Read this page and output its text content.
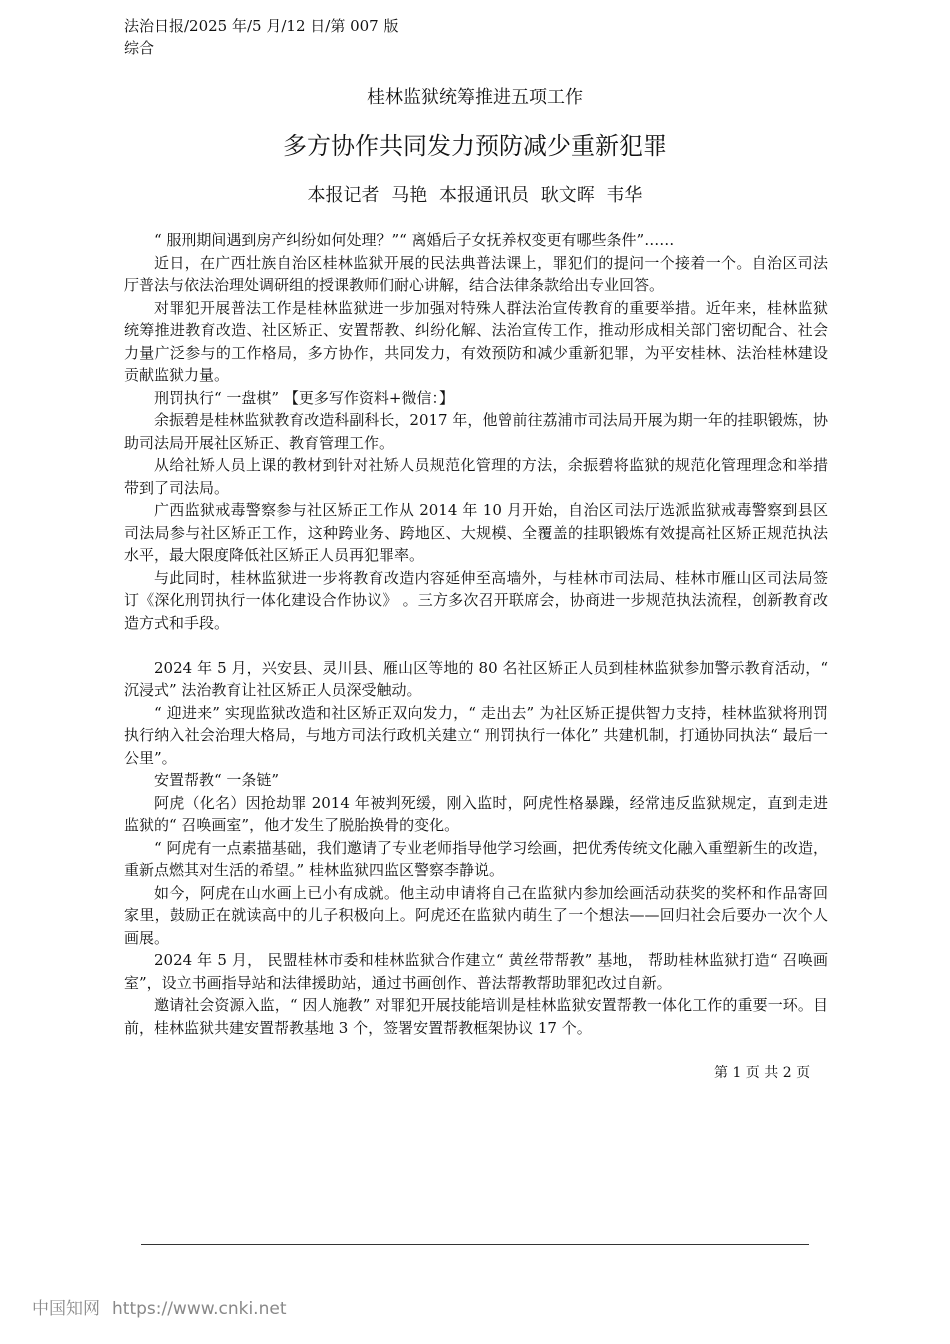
法治日报/2025 年/5 月/12 日/第 007 版综合
桂林监狱统筹推进五项工作
多方协作共同发力预防减少重新犯罪
本报记者 马艳 本报通讯员 耿文晖 韦华

“ 服刑期间遇到房产纠纷如何处理？”“ 离婚后子女抚养权变更有哪些条件”……

近日，在广西壮族自治区桂林监狱开展的民法典普法课上，罪犯们的提问一个接着一个。自治区司法厅普法与依法治理处调研组的授课教师们耐心讲解，结合法律条款给出专业回答。

对罪犯开展普法工作是桂林监狱进一步加强对特殊人群法治宣传教育的重要举措。近年来，桂林监狱统筹推进教育改造、社区矫正、安置帮教、纠纷化解、法治宣传工作，推动形成相关部门密切配合、社会力量广泛参与的工作格局，多方协作，共同发力，有效预防和减少重新犯罪，为平安桂林、法治桂林建设贡献监狱力量。

刑罚执行“ 一盘棋” 【更多写作资料+微信：】

余振碧是桂林监狱教育改造科副科长，2017 年，他曾前往荔浦市司法局开展为期一年的挂职锻炼，协助司法局开展社区矫正、教育管理工作。

从给社矫人员上课的教材到针对社矫人员规范化管理的方法，余振碧将监狱的规范化管理理念和举措带到了司法局。

广西监狱戒毒警察参与社区矫正工作从 2014 年 10 月开始，自治区司法厅选派监狱戒毒警察到县区司法局参与社区矫正工作，这种跨业务、跨地区、大规模、全覆盖的挂职锻炼有效提高社区矫正规范执法水平，最大限度降低社区矫正人员再犯罪率。

与此同时，桂林监狱进一步将教育改造内容延伸至高墙外，与桂林市司法局、桂林市雁山区司法局签订《深化刑罚执行一体化建设合作协议》 。三方多次召开联席会，协商进一步规范执法流程，创新教育改造方式和手段。

2024 年 5 月，兴安县、灵川县、雁山区等地的 80 名社区矫正人员到桂林监狱参加警示教育活动，“ 沉浸式” 法治教育让社区矫正人员深受触动。

“ 迎进来” 实现监狱改造和社区矫正双向发力，“ 走出去” 为社区矫正提供智力支持，桂林监狱将刑罚执行纳入社会治理大格局，与地方司法行政机关建立“ 刑罚执行一体化” 共建机制，打通协同执法“ 最后一公里”。

安置帮教“ 一条链”

阿虎（化名）因抢劫罪 2014 年被判死缓，刚入监时，阿虎性格暴躁，经常违反监狱规定，直到走进监狱的“ 召唤画室”，他才发生了脱胎换骨的变化。

“ 阿虎有一点素描基础，我们邀请了专业老师指导他学习绘画，把优秀传统文化融入重塑新生的改造，重新点燃其对生活的希望。” 桂林监狱四监区警察李静说。

如今，阿虎在山水画上已小有成就。他主动申请将自己在监狱内参加绘画活动获奖的奖杯和作品寄回家里，鼓励正在就读高中的儿子积极向上。阿虎还在监狱内萌生了一个想法——回归社会后要办一次个人画展。

2024 年 5 月， 民盟桂林市委和桂林监狱合作建立“ 黄丝带帮教” 基地， 帮助桂林监狱打造“ 召唤画室”，设立书画指导站和法律援助站，通过书画创作、普法帮教帮助罪犯改过自新。

邀请社会资源入监，“ 因人施教” 对罪犯开展技能培训是桂林监狱安置帮教一体化工作的重要一环。目前，桂林监狱共建安置帮教基地 3 个，签署安置帮教框架协议 17 个。

第 1 页 共 2 页
中国知网 https://www.cnki.net
